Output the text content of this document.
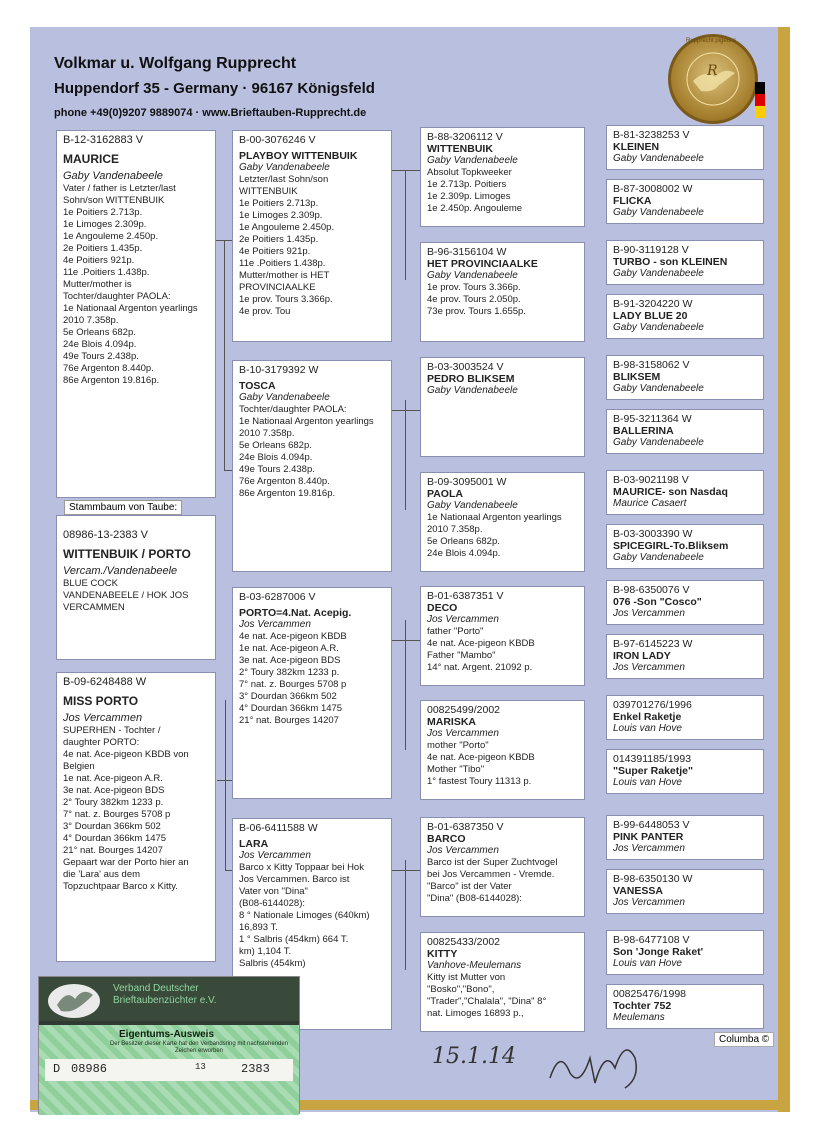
Volkmar u. Wolfgang Rupprecht
Huppendorf 35 - Germany · 96167 Königsfeld
phone +49(0)9207 9889074 · www.Brieftauben-Rupprecht.de
R
Rupprecht pigeons
B-12-3162883 V
MAURICE
Gaby Vandenabeele
Vater / father is Letzter/last
Sohn/son WITTENBUIK
1e Poitiers 2.713p.
1e Limoges 2.309p.
1e Angouleme 2.450p.
2e Poitiers 1.435p.
4e Poitiers 921p.
11e .Poitiers 1.438p.
Mutter/mother is
Tochter/daughter PAOLA:
1e Nationaal Argenton yearlings
2010 7.358p.
5e Orleans 682p.
24e Blois 4.094p.
49e Tours 2.438p.
76e Argenton 8.440p.
86e Argenton 19.816p.
Stammbaum von Taube:
08986-13-2383 V
WITTENBUIK / PORTO
Vercam./Vandenabeele
BLUE COCK
VANDENABEELE / HOK JOS
VERCAMMEN
B-09-6248488 W
MISS PORTO
Jos Vercammen
SUPERHEN - Tochter /
daughter PORTO:
4e nat. Ace-pigeon KBDB von
Belgien
1e nat. Ace-pigeon A.R.
3e nat. Ace-pigeon BDS
2° Toury 382km 1233 p.
7° nat. z. Bourges 5708 p
3° Dourdan 366km 502
4° Dourdan 366km 1475
21° nat. Bourges 14207
Gepaart war der Porto hier an
die 'Lara' aus dem
Topzuchtpaar Barco x Kitty.
B-00-3076246 V
PLAYBOY WITTENBUIK
Gaby Vandenabeele
Letzter/last Sohn/son
WITTENBUIK
1e Poitiers 2.713p.
1e Limoges 2.309p.
1e Angouleme 2.450p.
2e Poitiers 1.435p.
4e Poitiers 921p.
11e .Poitiers 1.438p.
Mutter/mother is HET
PROVINCIAALKE
1e prov. Tours 3.366p.
4e prov. Tou
B-10-3179392 W
TOSCA
Gaby Vandenabeele
Tochter/daughter PAOLA:
1e Nationaal Argenton yearlings
2010 7.358p.
5e Orleans 682p.
24e Blois 4.094p.
49e Tours 2.438p.
76e Argenton 8.440p.
86e Argenton 19.816p.
B-03-6287006 V
PORTO=4.Nat. Acepig.
Jos Vercammen
4e nat. Ace-pigeon KBDB
1e nat. Ace-pigeon A.R.
3e nat. Ace-pigeon BDS
2° Toury 382km 1233 p.
7° nat. z. Bourges 5708 p
3° Dourdan 366km 502
4° Dourdan 366km 1475
21° nat. Bourges 14207
B-06-6411588 W
LARA
Jos Vercammen
Barco x Kitty Toppaar bei Hok
Jos Vercammen. Barco ist
Vater von "Dina"
(B08-6144028):
8 ° Nationale Limoges (640km)
16,893 T.
1 ° Salbris (454km) 664 T.
km) 1,104 T.
Salbris (454km)

B-88-3206112 V
WITTENBUIK
Gaby Vandenabeele
Absolut Topkweeker
1e 2.713p. Poitiers
1e 2.309p. Limoges
1e 2.450p. Angouleme
B-96-3156104 W
HET PROVINCIAALKE
Gaby Vandenabeele
1e prov. Tours 3.366p.
4e prov. Tours 2.050p.
73e prov. Tours 1.655p.
B-03-3003524 V
PEDRO BLIKSEM
Gaby Vandenabeele
B-09-3095001 W
PAOLA
Gaby Vandenabeele
1e Nationaal Argenton yearlings
2010 7.358p.
5e Orleans 682p.
24e Blois 4.094p.
B-01-6387351 V
DECO
Jos Vercammen
father "Porto"
4e nat. Ace-pigeon KBDB
Father "Mambo"
14° nat. Argent. 21092 p.
00825499/2002
MARISKA
Jos Vercammen
mother "Porto"
4e nat. Ace-pigeon KBDB
Mother "Tibo"
1° fastest Toury 11313 p.
B-01-6387350 V
BARCO
Jos Vercammen
Barco ist der Super Zuchtvogel
bei Jos Vercammen - Vremde.
"Barco" ist der Vater
"Dina" (B08-6144028):
00825433/2002
KITTY
Vanhove-Meulemans
Kitty ist Mutter von
"Bosko","Bono",
"Trader","Chalala", "Dina" 8°
nat. Limoges 16893 p.,
B-81-3238253 V
KLEINEN
Gaby Vandenabeele
B-87-3008002 W
FLICKA
Gaby Vandenabeele
B-90-3119128 V
TURBO - son KLEINEN
Gaby Vandenabeele
B-91-3204220 W
LADY BLUE 20
Gaby Vandenabeele
B-98-3158062 V
BLIKSEM
Gaby Vandenabeele
B-95-3211364 W
BALLERINA
Gaby Vandenabeele
B-03-9021198 V
MAURICE- son Nasdaq
Maurice Casaert
B-03-3003390 W
SPICEGIRL-To.Bliksem
Gaby Vandenabeele
B-98-6350076 V
076 -Son "Cosco"
Jos Vercammen
B-97-6145223 W
IRON LADY
Jos Vercammen
039701276/1996
Enkel Raketje
Louis van Hove
014391185/1993
"Super Raketje"
Louis van Hove
B-99-6448053 V
PINK PANTER
Jos Vercammen
B-98-6350130 W
VANESSA
Jos Vercammen
B-98-6477108 V
Son 'Jonge Raket'
Louis van Hove
00825476/1998
Tochter 752
Meulemans
Columba ©
15.1.14
Verband Deutscher
Brieftaubenzüchter e.V.
Eigentums-Ausweis
Der Besitzer dieser Karte hat den Verbandsring mit nachstehenden Zeichen erworben
D 08986	13	2383
